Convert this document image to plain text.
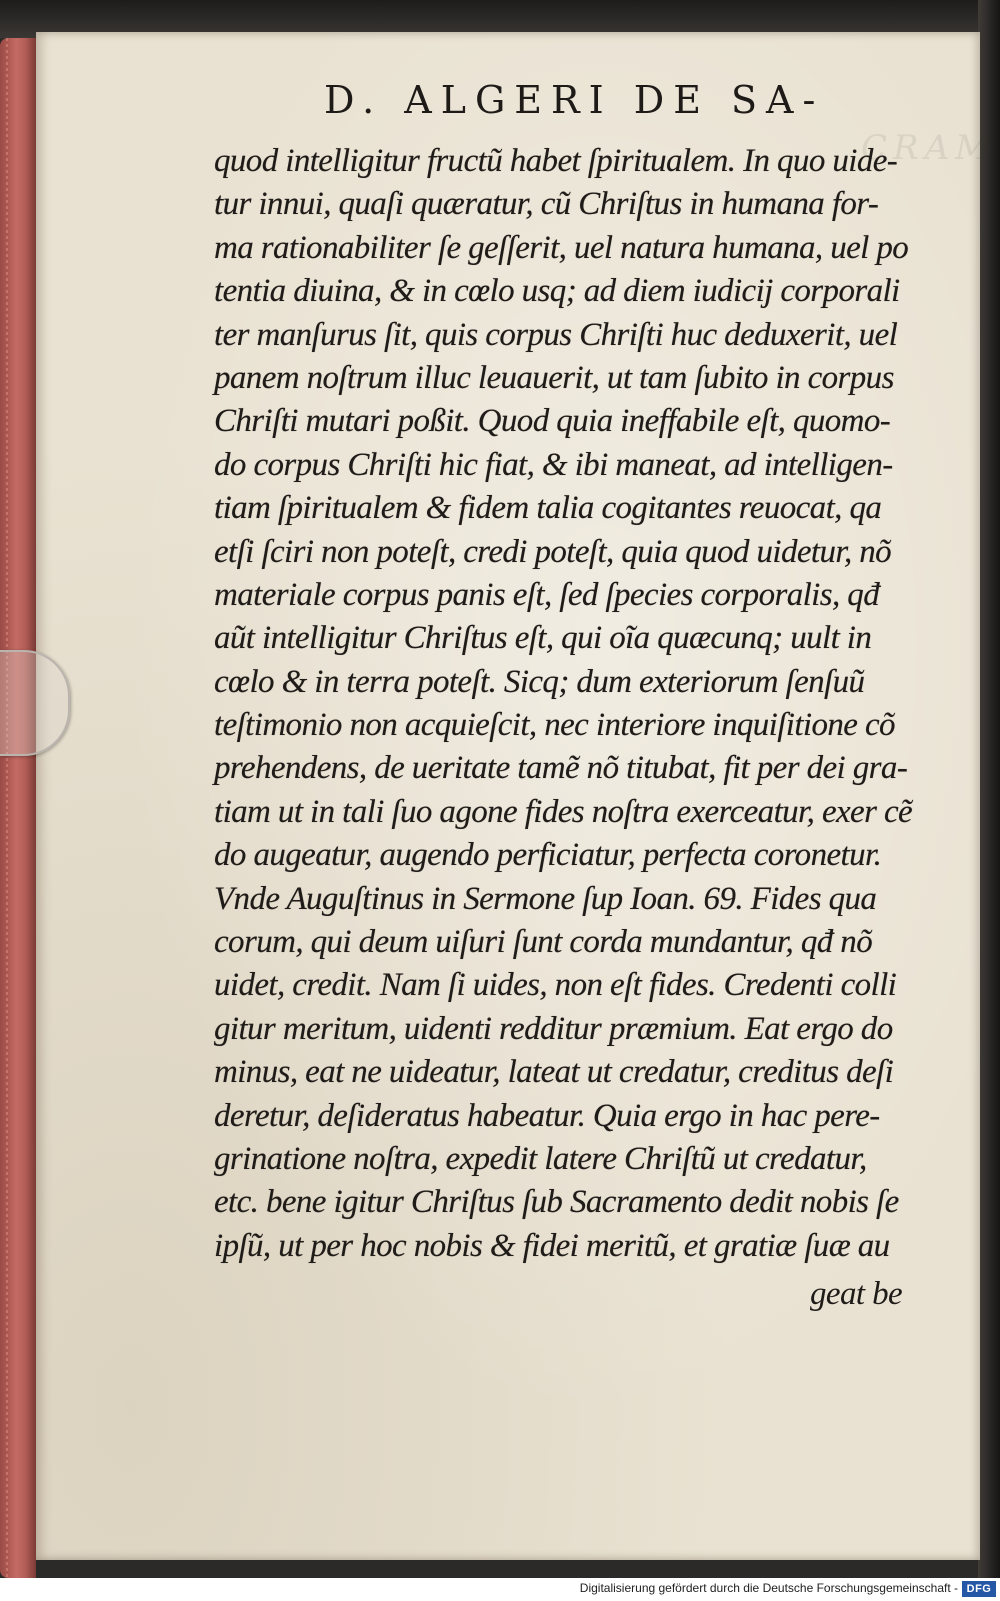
CRAM
D. ALGERI DE SA-
quod intelligitur fructũ habet ſpiritualem. In quo uide-
tur innui, quaſi quæratur, cũ Chriſtus in humana for-
ma rationabiliter ſe geſſerit, uel natura humana, uel po
tentia diuina, & in cœlo usq; ad diem iudicij corporali
ter manſurus ſit, quis corpus Chriſti huc deduxerit, uel
panem noſtrum illuc leuauerit, ut tam ſubito in corpus
Chriſti mutari poßit. Quod quia ineffabile eſt, quomo-
do corpus Chriſti hic fiat, & ibi maneat, ad intelligen-
tiam ſpiritualem & fidem talia cogitantes reuocat, qa
etſi ſciri non poteſt, credi poteſt, quia quod uidetur, nõ
materiale corpus panis eſt, ſed ſpecies corporalis, qđ
aũt intelligitur Chriſtus eſt, qui oĩa quæcunq; uult in
cœlo & in terra poteſt. Sicq; dum exteriorum ſenſuũ
teſtimonio non acquieſcit, nec interiore inquiſitione cõ
prehendens, de ueritate tamẽ nõ titubat, fit per dei gra-
tiam ut in tali ſuo agone fides noſtra exerceatur, exer cẽ
do augeatur, augendo perficiatur, perfecta coronetur.
Vnde Auguſtinus in Sermone ſup Ioan. 69. Fides qua
corum, qui deum uiſuri ſunt corda mundantur, qđ nõ
uidet, credit. Nam ſi uides, non eſt fides. Credenti colli
gitur meritum, uidenti redditur præmium. Eat ergo do
minus, eat ne uideatur, lateat ut credatur, creditus deſi
deretur, deſideratus habeatur. Quia ergo in hac pere-
grinatione noſtra, expedit latere Chriſtũ ut credatur,
etc. bene igitur Chriſtus ſub Sacramento dedit nobis ſe
ipſũ, ut per hoc nobis & fidei meritũ, et gratiæ ſuæ au
geat be
Digitalisierung gefördert durch die Deutsche Forschungsgemeinschaft - DFG
